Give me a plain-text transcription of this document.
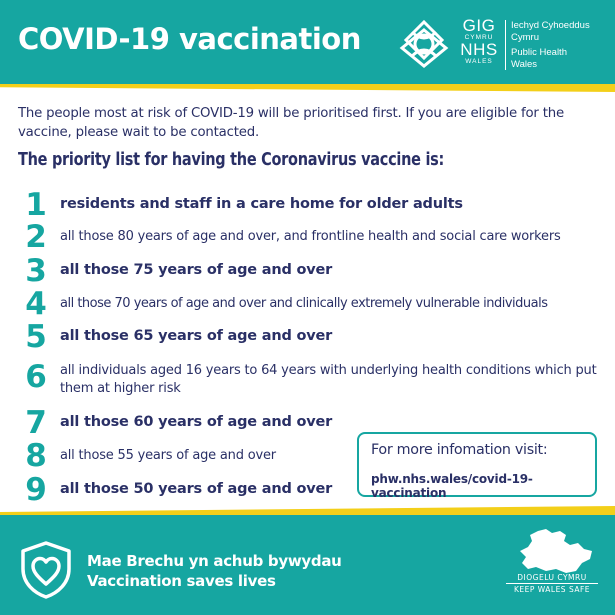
COVID-19 vaccination	GIG
CYMRU
NHS
WALES
Iechyd Cyhoeddus
Cymru
Public Health
Wales
The people most at risk of COVID-19 will be prioritised first. If you are eligible for the vaccine, please wait to be contacted.
The priority list for having the Coronavirus vaccine is:
1 residents and staff in a care home for older adults
2 all those 80 years of age and over, and frontline health and social care workers
3 all those 75 years of age and over
4 all those 70 years of age and over and clinically extremely vulnerable individuals
5 all those 65 years of age and over
6 all individuals aged 16 years to 64 years with underlying health conditions which put them at higher risk
7 all those 60 years of age and over
8 all those 55 years of age and over
9 all those 50 years of age and over
For more infomation visit:
phw.nhs.wales/covid-19-vaccination
Mae Brechu yn achub bywydau
Vaccination saves lives	DIOGELU CYMRU
KEEP WALES SAFE
